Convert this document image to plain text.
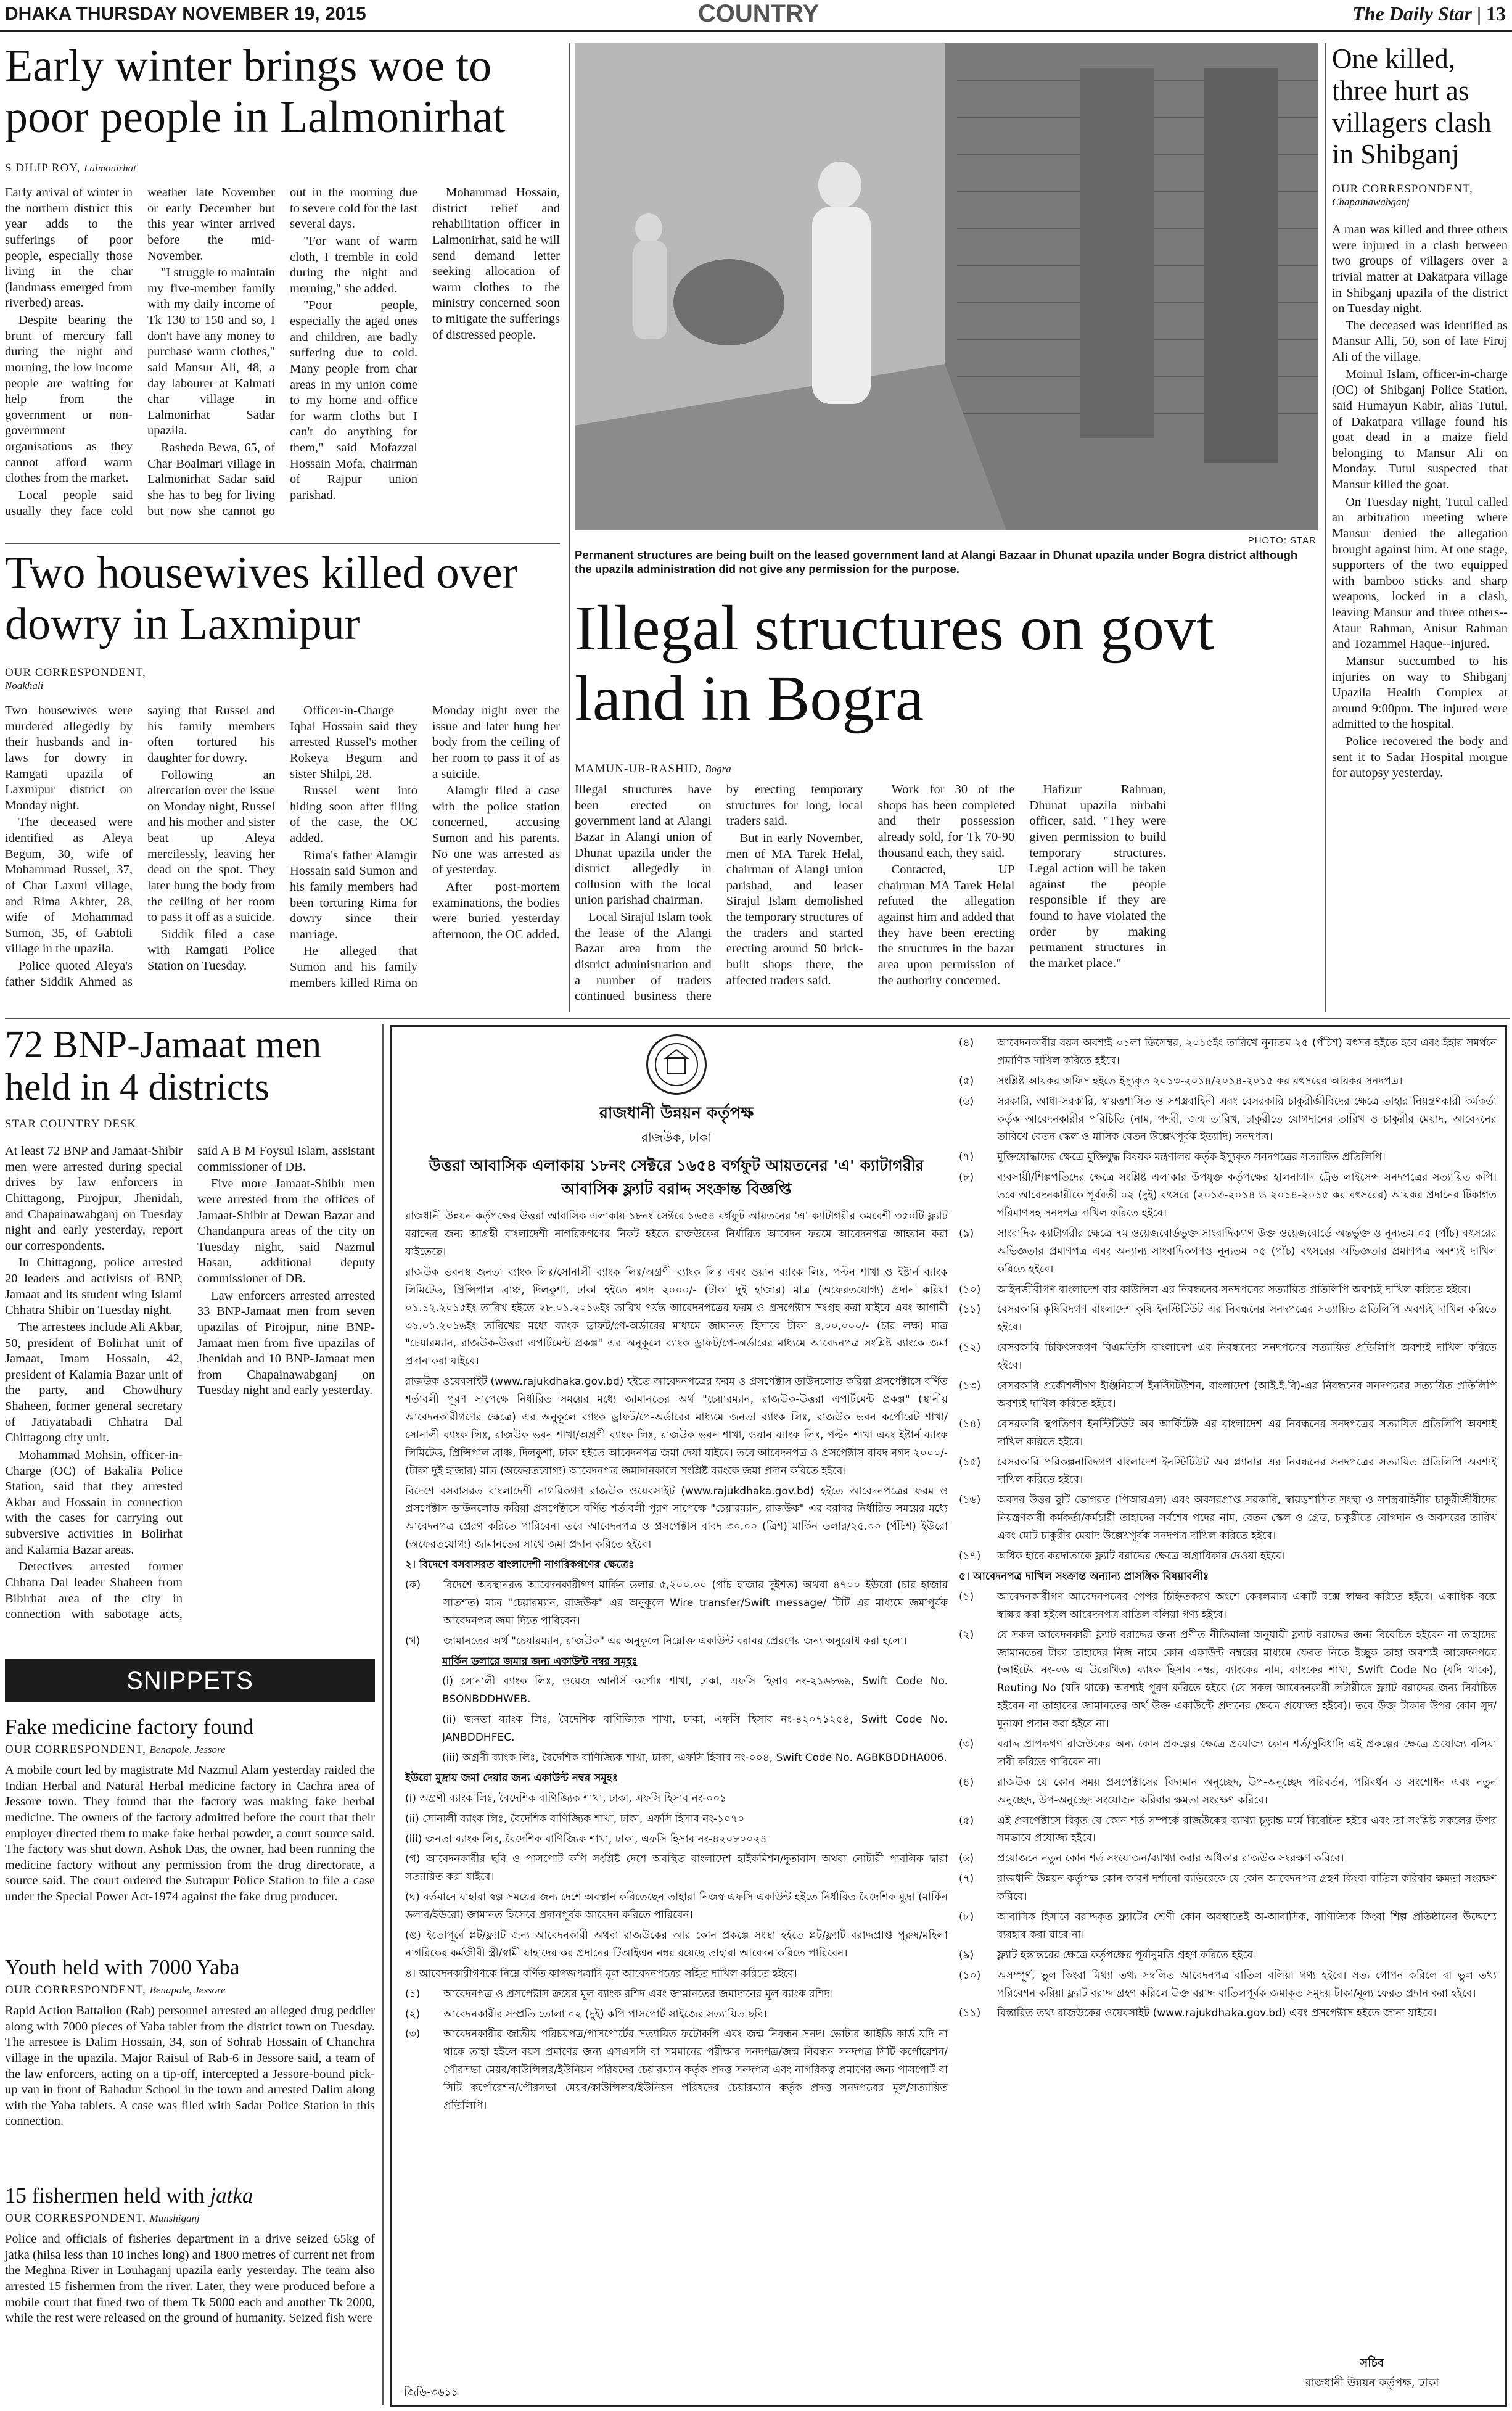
DHAKA THURSDAY NOVEMBER 19, 2015	COUNTRY	The Daily Star | 13
Early winter brings woe to poor people in Lalmonirhat
S DILIP ROY, Lalmonirhat

Early arrival of winter in the northern district this year adds to the sufferings of poor people, especially those living in the char (landmass emerged from riverbed) areas.

Despite bearing the brunt of mercury fall during the night and morning, the low income people are waiting for help from the government or non-government organisations as they cannot afford warm clothes from the market.

Local people said usually they face cold weather late November or early December but this year winter arrived before the mid-November.

"I struggle to maintain my five-member family with my daily income of Tk 130 to 150 and so, I don't have any money to purchase warm clothes," said Mansur Ali, 48, a day labourer at Kalmati char village in Lalmonirhat Sadar upazila.

Rasheda Bewa, 65, of Char Boalmari village in Lalmonirhat Sadar said she has to beg for living but now she cannot go out in the morning due to severe cold for the last several days.

"For want of warm cloth, I tremble in cold during the night and morning," she added.

"Poor people, especially the aged ones and children, are badly suffering due to cold. Many people from char areas in my union come to my home and office for warm cloths but I can't do anything for them," said Mofazzal Hossain Mofa, chairman of Rajpur union parishad.

Mohammad Hossain, district relief and rehabilitation officer in Lalmonirhat, said he will send demand letter seeking allocation of warm clothes to the ministry concerned soon to mitigate the sufferings of distressed people.

Two housewives killed over dowry in Laxmipur
OUR CORRESPONDENT,
Noakhali

Two housewives were murdered allegedly by their husbands and in-laws for dowry in Ramgati upazila of Laxmipur district on Monday night.

The deceased were identified as Aleya Begum, 30, wife of Mohammad Russel, 37, of Char Laxmi village, and Rima Akhter, 28, wife of Mohammad Sumon, 35, of Gabtoli village in the upazila.

Police quoted Aleya's father Siddik Ahmed as saying that Russel and his family members often tortured his daughter for dowry.

Following an altercation over the issue on Monday night, Russel and his mother and sister beat up Aleya mercilessly, leaving her dead on the spot. They later hung the body from the ceiling of her room to pass it off as a suicide.

Siddik filed a case with Ramgati Police Station on Tuesday.

Officer-in-Charge Iqbal Hossain said they arrested Russel's mother Rokeya Begum and sister Shilpi, 28.

Russel went into hiding soon after filing of the case, the OC added.

Rima's father Alamgir Hossain said Sumon and his family members had been torturing Rima for dowry since their marriage.

He alleged that Sumon and his family members killed Rima on Monday night over the issue and later hung her body from the ceiling of her room to pass it of as a suicide.

Alamgir filed a case with the police station concerned, accusing Sumon and his parents. No one was arrested as of yesterday.

After post-mortem examinations, the bodies were buried yesterday afternoon, the OC added.

PHOTO: STAR
Permanent structures are being built on the leased government land at Alangi Bazaar in Dhunat upazila under Bogra district although the upazila administration did not give any permission for the purpose.
Illegal structures on govt land in Bogra
MAMUN-UR-RASHID, Bogra

Illegal structures have been erected on government land at Alangi Bazar in Alangi union of Dhunat upazila under the district allegedly in collusion with the local union parishad chairman.

Local Sirajul Islam took the lease of the Alangi Bazar area from the district administration and a number of traders continued business there by erecting temporary structures for long, local traders said.

But in early November, men of MA Tarek Helal, chairman of Alangi union parishad, and leaser Sirajul Islam demolished the temporary structures of the traders and started erecting around 50 brick-built shops there, the affected traders said.

Work for 30 of the shops has been completed and their possession already sold, for Tk 70-90 thousand each, they said.

Contacted, UP chairman MA Tarek Helal refuted the allegation against him and added that they have been erecting the structures in the bazar area upon permission of the authority concerned.

Hafizur Rahman, Dhunat upazila nirbahi officer, said, "They were given permission to build temporary structures. Legal action will be taken against the people responsible if they are found to have violated the order by making permanent structures in the market place."

One killed, three hurt as villagers clash in Shibganj
OUR CORRESPONDENT,
Chapainawabganj

A man was killed and three others were injured in a clash between two groups of villagers over a trivial matter at Dakatpara village in Shibganj upazila of the district on Tuesday night.

The deceased was identified as Mansur Alli, 50, son of late Firoj Ali of the village.

Moinul Islam, officer-in-charge (OC) of Shibganj Police Station, said Humayun Kabir, alias Tutul, of Dakatpara village found his goat dead in a maize field belonging to Mansur Ali on Monday. Tutul suspected that Mansur killed the goat.

On Tuesday night, Tutul called an arbitration meeting where Mansur denied the allegation brought against him. At one stage, supporters of the two equipped with bamboo sticks and sharp weapons, locked in a clash, leaving Mansur and three others--Ataur Rahman, Anisur Rahman and Tozammel Haque--injured.

Mansur succumbed to his injuries on way to Shibganj Upazila Health Complex at around 9:00pm. The injured were admitted to the hospital.

Police recovered the body and sent it to Sadar Hospital morgue for autopsy yesterday.

72 BNP-Jamaat men held in 4 districts
STAR COUNTRY DESK

At least 72 BNP and Jamaat-Shibir men were arrested during special drives by law enforcers in Chittagong, Pirojpur, Jhenidah, and Chapainawabganj on Tuesday night and early yesterday, report our correspondents.

In Chittagong, police arrested 20 leaders and activists of BNP, Jamaat and its student wing Islami Chhatra Shibir on Tuesday night.

The arrestees include Ali Akbar, 50, president of Bolirhat unit of Jamaat, Imam Hossain, 42, president of Kalamia Bazar unit of the party, and Chowdhury Shaheen, former general secretary of Jatiyatabadi Chhatra Dal Chittagong city unit.

Mohammad Mohsin, officer-in-Charge (OC) of Bakalia Police Station, said that they arrested Akbar and Hossain in connection with the cases for carrying out subversive activities in Bolirhat and Kalamia Bazar areas.

Detectives arrested former Chhatra Dal leader Shaheen from Bibirhat area of the city in connection with sabotage acts, said A B M Foysul Islam, assistant commissioner of DB.

Five more Jamaat-Shibir men were arrested from the offices of Jamaat-Shibir at Dewan Bazar and Chandanpura areas of the city on Tuesday night, said Nazmul Hasan, additional deputy commissioner of DB.

Law enforcers arrested arrested 33 BNP-Jamaat men from seven upazilas of Pirojpur, nine BNP-Jamaat men from five upazilas of Jhenidah and 10 BNP-Jamaat men from Chapainawabganj on Tuesday night and early yesterday.

SNIPPETS
Fake medicine factory found
OUR CORRESPONDENT, Benapole, Jessore
A mobile court led by magistrate Md Nazmul Alam yesterday raided the Indian Herbal and Natural Herbal medicine factory in Cachra area of Jessore town. They found that the factory was making fake herbal medicine. The owners of the factory admitted before the court that their employer directed them to make fake herbal powder, a court source said. The factory was shut down. Ashok Das, the owner, had been running the medicine factory without any permission from the drug directorate, a source said. The court ordered the Sutrapur Police Station to file a case under the Special Power Act-1974 against the fake drug producer.
Youth held with 7000 Yaba
OUR CORRESPONDENT, Benapole, Jessore
Rapid Action Battalion (Rab) personnel arrested an alleged drug peddler along with 7000 pieces of Yaba tablet from the district town on Tuesday. The arrestee is Dalim Hossain, 34, son of Sohrab Hossain of Chanchra village in the upazila. Major Raisul of Rab-6 in Jessore said, a team of the law enforcers, acting on a tip-off, intercepted a Jessore-bound pick-up van in front of Bahadur School in the town and arrested Dalim along with the Yaba tablets. A case was filed with Sadar Police Station in this connection.
15 fishermen held with jatka
OUR CORRESPONDENT, Munshiganj
Police and officials of fisheries department in a drive seized 65kg of jatka (hilsa less than 10 inches long) and 1800 metres of current net from the Meghna River in Louhaganj upazila early yesterday. The team also arrested 15 fishermen from the river. Later, they were produced before a mobile court that fined two of them Tk 5000 each and another Tk 2000, while the rest were released on the ground of humanity. Seized fish were
রাজধানী উন্নয়ন কর্তৃপক্ষ
রাজউক, ঢাকা
উত্তরা আবাসিক এলাকায় ১৮নং সেক্টরে ১৬৫৪ বর্গফুট আয়তনের 'এ' ক্যাটাগরীর আবাসিক ফ্ল্যাট বরাদ্দ সংক্রান্ত বিজ্ঞপ্তি

রাজধানী উন্নয়ন কর্তৃপক্ষের উত্তরা আবাসিক এলাকায় ১৮নং সেক্টরে ১৬৫৪ বর্গফুট আয়তনের 'এ' ক্যাটাগরীর কমবেশী ৩৫০টি ফ্ল্যাট বরাদ্দের জন্য আগ্রহী বাংলাদেশী নাগরিকগণের নিকট হইতে রাজউকের নির্ধারিত আবেদন ফরমে আবেদনপত্র আহ্বান করা যাইতেছে।

রাজউক ভবনস্থ জনতা ব্যাংক লিঃ/সোনালী ব্যাংক লিঃ/অগ্রণী ব্যাংক লিঃ এবং ওয়ান ব্যাংক লিঃ, পল্টন শাখা ও ইষ্টার্ন ব্যাংক লিমিটেড, প্রিন্সিপাল ব্রাঞ্চ, দিলকুশা, ঢাকা হইতে নগদ ২০০০/- (টাকা দুই হাজার) মাত্র (অফেরতযোগ্য) প্রদান করিয়া ০১.১২.২০১৫ইং তারিখ হইতে ২৮.০১.২০১৬ইং তারিখ পর্যন্ত আবেদনপত্রের ফরম ও প্রসপেক্টাস সংগ্রহ করা যাইবে এবং আগামী ৩১.০১.২০১৬ইং তারিখের মধ্যে ব্যাংক ড্রাফট/পে-অর্ডারের মাধ্যমে জামানত হিসাবে টাকা ৪,০০,০০০/- (চার লক্ষ) মাত্র "চেয়ারম্যান, রাজউক-উত্তরা এপার্টমেন্ট প্রকল্প" এর অনুকূলে ব্যাংক ড্রাফট/পে-অর্ডারের মাধ্যমে আবেদনপত্র সংশ্লিষ্ট ব্যাংকে জমা প্রদান করা যাইবে।

রাজউক ওয়েবসাইট (www.rajukdhaka.gov.bd) হইতে আবেদনপত্রের ফরম ও প্রসপেক্টাস ডাউনলোড করিয়া প্রসপেক্টাসে বর্ণিত শর্তাবলী পূরণ সাপেক্ষে নির্ধারিত সময়ের মধ্যে জামানতের অর্থ "চেয়ারম্যান, রাজউক-উত্তরা এপার্টমেন্ট প্রকল্প" (স্থানীয় আবেদনকারীগণের ক্ষেত্রে) এর অনুকূলে ব্যাংক ড্রাফট/পে-অর্ডারের মাধ্যমে জনতা ব্যাংক লিঃ, রাজউক ভবন কর্পোরেট শাখা/সোনালী ব্যাংক লিঃ, রাজউক ভবন শাখা/অগ্রণী ব্যাংক লিঃ, রাজউক ভবন শাখা, ওয়ান ব্যাংক লিঃ, পল্টন শাখা এবং ইষ্টার্ন ব্যাংক লিমিটেড, প্রিন্সিপাল ব্রাঞ্চ, দিলকুশা, ঢাকা হইতে আবেদনপত্র জমা দেয়া যাইবে। তবে আবেদনপত্র ও প্রসপেক্টাস বাবদ নগদ ২০০০/- (টাকা দুই হাজার) মাত্র (অফেরতযোগ্য) আবেদনপত্র জমাদানকালে সংশ্লিষ্ট ব্যাংকে জমা প্রদান করিতে হইবে।

বিদেশে বসবাসরত বাংলাদেশী নাগরিকগণ রাজউক ওয়েবসাইট (www.rajukdhaka.gov.bd) হইতে আবেদনপত্রের ফরম ও প্রসপেক্টাস ডাউনলোড করিয়া প্রসপেক্টাসে বর্ণিত শর্তাবলী পূরণ সাপেক্ষে "চেয়ারম্যান, রাজউক" এর বরাবর নির্ধারিত সময়ের মধ্যে আবেদনপত্র প্রেরণ করিতে পারিবেন। তবে আবেদনপত্র ও প্রসপেক্টাস বাবদ ৩০.০০ (ত্রিশ) মার্কিন ডলার/২৫.০০ (পঁচিশ) ইউরো (অফেরতযোগ্য) জামানতের সাথে জমা প্রদান করিতে হইবে।

২। বিদেশে বসবাসরত বাংলাদেশী নাগরিকগণের ক্ষেত্রেঃ

(ক)	বিদেশে অবস্থানরত আবেদনকারীগণ মার্কিন ডলার ৫,২০০.০০ (পাঁচ হাজার দুইশত) অথবা ৪৭০০ ইউরো (চার হাজার সাতশত) মাত্র "চেয়ারম্যান, রাজউক" এর অনুকূলে Wire transfer/Swift message/ টিটি এর মাধ্যমে জমাপূর্বক আবেদনপত্র জমা দিতে পারিবেন।
(খ)	জামানতের অর্থ "চেয়ারম্যান, রাজউক" এর অনুকূলে নিম্নোক্ত একাউন্ট বরাবর প্রেরণের জন্য অনুরোধ করা হলো।

মার্কিন ডলারে জমার জন্য একাউন্ট নম্বর সমূহঃ

(i) সোনালী ব্যাংক লিঃ, ওয়েজ আর্নার্স কর্পোঃ শাখা, ঢাকা, এফসি হিসাব নং-২১৬৮৬৯, Swift Code No. BSONBDDHWEB.

(ii) জনতা ব্যাংক লিঃ, বৈদেশিক বাণিজ্যিক শাখা, ঢাকা, এফসি হিসাব নং-৪২০৭১২৫৪, Swift Code No. JANBDDHFEC.

(iii) অগ্রণী ব্যাংক লিঃ, বৈদেশিক বাণিজ্যিক শাখা, ঢাকা, এফসি হিসাব নং-০০৪, Swift Code No. AGBKBDDHA006.

ইউরো মুদ্রায় জমা দেয়ার জন্য একাউন্ট নম্বর সমূহঃ

(i) অগ্রণী ব্যাংক লিঃ, বৈদেশিক বাণিজ্যিক শাখা, ঢাকা, এফসি হিসাব নং-০০১

(ii) সোনালী ব্যাংক লিঃ, বৈদেশিক বাণিজ্যিক শাখা, ঢাকা, এফসি হিসাব নং-১০৭০

(iii) জনতা ব্যাংক লিঃ, বৈদেশিক বাণিজ্যিক শাখা, ঢাকা, এফসি হিসাব নং-৪২০৮০০২৪

(গ) আবেদনকারীর ছবি ও পাসপোর্ট কপি সংশ্লিষ্ট দেশে অবস্থিত বাংলাদেশ হাইকমিশন/দূতাবাস অথবা নোটারী পাবলিক দ্বারা সত্যায়িত করা যাইবে।

(ঘ) বর্তমানে যাহারা স্বল্প সময়ের জন্য দেশে অবস্থান করিতেছেন তাহারা নিজস্ব এফসি একাউন্ট হইতে নির্ধারিত বৈদেশিক মুদ্রা (মার্কিন ডলার/ইউরো) জামানত হিসেবে প্রদানপূর্বক আবেদন করিতে পারিবেন।

(ঙ) ইতোপূর্বে প্লট/ফ্ল্যাট জন্য আবেদনকারী অথবা রাজউকের আর কোন প্রকল্পে সংস্থা হইতে প্লট/ফ্ল্যাট বরাদ্দপ্রাপ্ত পুরুষ/মহিলা নাগরিকের কর্মজীবী স্ত্রী/স্বামী যাহাদের কর প্রদানের টিআইএন নম্বর রয়েছে তাহারা আবেদন করিতে পারিবেন।

৪। আবেদনকারীগণকে নিম্নে বর্ণিত কাগজপত্রাদি মূল আবেদনপত্রের সহিত দাখিল করিতে হইবে।

(১)	আবেদনপত্র ও প্রসপেক্টাস ক্রয়ের মূল ব্যাংক রশিদ এবং জামানতের জমাদানের মূল ব্যাংক রশিদ।
(২)	আবেদনকারীর সম্প্রতি তোলা ০২ (দুই) কপি পাসপোর্ট সাইজের সত্যায়িত ছবি।
(৩)	আবেদনকারীর জাতীয় পরিচয়পত্র/পাসপোর্টের সত্যায়িত ফটোকপি এবং জন্ম নিবন্ধন সনদ। ভোটার আইডি কার্ড যদি না থাকে তাহা হইলে বয়স প্রমাণের জন্য এসএসসি বা সমমানের পরীক্ষার সনদপত্র/জন্ম নিবন্ধন সনদপত্র সিটি কর্পোরেশন/পৌরসভা মেয়র/কাউন্সিলর/ইউনিয়ন পরিষদের চেয়ারম্যান কর্তৃক প্রদত্ত সনদপত্র এবং নাগরিকত্ব প্রমাণের জন্য পাসপোর্ট বা সিটি কর্পোরেশন/পৌরসভা মেয়র/কাউন্সিলর/ইউনিয়ন পরিষদের চেয়ারম্যান কর্তৃক প্রদত্ত সনদপত্রের মূল/সত্যায়িত প্রতিলিপি।
(৪)	আবেদনকারীর বয়স অবশ্যই ০১লা ডিসেম্বর, ২০১৫ইং তারিখে নূন্যতম ২৫ (পঁচিশ) বৎসর হইতে হবে এবং ইহার সমর্থনে প্রমাণিক দাখিল করিতে হইবে।
(৫)	সংশ্লিষ্ট আয়কর অফিস হইতে ইস্যুকৃত ২০১৩-২০১৪/২০১৪-২০১৫ কর বৎসরের আয়কর সনদপত্র।
(৬)	সরকারি, আধা-সরকারি, স্বায়ত্তশাসিত ও সশস্ত্রবাহিনী এবং বেসরকারি চাকুরীজীবিদের ক্ষেত্রে তাহার নিয়ন্ত্রণকারী কর্মকর্তা কর্তৃক আবেদনকারীর পরিচিতি (নাম, পদবী, জন্ম তারিখ, চাকুরীতে যোগদানের তারিখ ও চাকুরীর মেয়াদ, আবেদনের তারিখে বেতন স্কেল ও মাসিক বেতন উল্লেখপূর্বক ইত্যাদি) সনদপত্র।
(৭)	মুক্তিযোদ্ধাদের ক্ষেত্রে মুক্তিযুদ্ধ বিষয়ক মন্ত্রণালয় কর্তৃক ইস্যুকৃত সনদপত্রের সত্যায়িত প্রতিলিপি।
(৮)	ব্যবসায়ী/শিল্পপতিদের ক্ষেত্রে সংশ্লিষ্ট এলাকার উপযুক্ত কর্তৃপক্ষের হালনাগাদ ট্রেড লাইসেন্স সনদপত্রের সত্যায়িত কপি। তবে আবেদনকারীকে পূর্ববর্তী ০২ (দুই) বৎসরে (২০১৩-২০১৪ ও ২০১৪-২০১৫ কর বৎসরের) আয়কর প্রদানের টিকাগত পরিমাণসহ সনদপত্র দাখিল করিতে হইবে।
(৯)	সাংবাদিক ক্যাটাগরীর ক্ষেত্রে ৭ম ওয়েজবোর্ডভুক্ত সাংবাদিকগণ উক্ত ওয়েজবোর্ডে অন্তর্ভুক্ত ও নূন্যতম ০৫ (পাঁচ) বৎসরের অভিজ্ঞতার প্রমাণপত্র এবং অন্যান্য সাংবাদিকগণও নূন্যতম ০৫ (পাঁচ) বৎসরের অভিজ্ঞতার প্রমাণপত্র অবশ্যই দাখিল করিতে হইবে।
(১০)	আইনজীবীগণ বাংলাদেশ বার কাউন্সিল এর নিবন্ধনের সনদপত্রের সত্যায়িত প্রতিলিপি অবশ্যই দাখিল করিতে হইবে।
(১১)	বেসরকারি কৃষিবিদগণ বাংলাদেশ কৃষি ইনস্টিটিউট এর নিবন্ধনের সনদপত্রের সত্যায়িত প্রতিলিপি অবশ্যই দাখিল করিতে হইবে।
(১২)	বেসরকারি চিকিৎসকগণ বিএমডিসি বাংলাদেশ এর নিবন্ধনের সনদপত্রের সত্যায়িত প্রতিলিপি অবশ্যই দাখিল করিতে হইবে।
(১৩)	বেসরকারি প্রকৌশলীগণ ইঞ্জিনিয়ার্স ইনস্টিটিউশন, বাংলাদেশ (আই.ই.বি)-এর নিবন্ধনের সনদপত্রের সত্যায়িত প্রতিলিপি অবশ্যই দাখিল করিতে হইবে।
(১৪)	বেসরকারি স্থপতিগণ ইনস্টিটিউট অব আর্কিটেক্ট এর বাংলাদেশ এর নিবন্ধনের সনদপত্রের সত্যায়িত প্রতিলিপি অবশ্যই দাখিল করিতে হইবে।
(১৫)	বেসরকারি পরিকল্পনাবিদগণ বাংলাদেশ ইনস্টিটিউট অব প্ল্যানার এর নিবন্ধনের সনদপত্রের সত্যায়িত প্রতিলিপি অবশ্যই দাখিল করিতে হইবে।
(১৬)	অবসর উত্তর ছুটি ভোগরত (পিআরএল) এবং অবসরপ্রাপ্ত সরকারি, স্বায়ত্তশাসিত সংস্থা ও সশস্ত্রবাহিনীর চাকুরীজীবীদের নিয়ন্ত্রণকারী কর্মকর্তা/কর্মচারী তাহাদের সর্বশেষ পদের নাম, বেতন স্কেল ও গ্রেড, চাকুরীতে যোগদান ও অবসরের তারিখ এবং মোট চাকুরীর মেয়াদ উল্লেখপূর্বক সনদপত্র দাখিল করিতে হইবে।
(১৭)	অধিক হারে করদাতাকে ফ্ল্যাট বরাদ্দের ক্ষেত্রে অগ্রাধিকার দেওয়া হইবে।

৫। আবেদনপত্র দাখিল সংক্রান্ত অন্যান্য প্রাসঙ্গিক বিষয়াবলীঃ

(১)	আবেদনকারীগণ আবেদনপত্রের পেপর চিহ্নিতকরণ অংশে কেবলমাত্র একটি বক্সে স্বাক্ষর করিতে হইবে। একাধিক বক্সে স্বাক্ষর করা হইলে আবেদনপত্র বাতিল বলিয়া গণ্য হইবে।
(২)	যে সকল আবেদনকারী ফ্ল্যাট বরাদ্দের জন্য প্রণীত নীতিমালা অনুযায়ী ফ্ল্যাট বরাদ্দের জন্য বিবেচিত হইবেন না তাহাদের জামানতের টাকা তাহাদের নিজ নামে কোন একাউন্ট নম্বরের মাধ্যমে ফেরত নিতে ইচ্ছুক তাহা অবশ্যই আবেদনপত্রে (আইটেম নং-০৬ এ উল্লেখিত) ব্যাংক হিসাব নম্বর, ব্যাংকের নাম, ব্যাংকের শাখা, Swift Code No (যদি থাকে), Routing No (যদি থাকে) অবশ্যই পূরণ করিতে হইবে (যে সকল আবেদনকারী লটারীতে ফ্ল্যাট বরাদ্দের জন্য নির্বাচিত হইবেন না তাহাদের জামানতের অর্থ উক্ত একাউন্টে প্রদানের ক্ষেত্রে প্রযোজ্য হইবে)। তবে উক্ত টাকার উপর কোন সুদ/মুনাফা প্রদান করা হইবে না।
(৩)	বরাদ্দ প্রাপকগণ রাজউকের অন্য কোন প্রকল্পের ক্ষেত্রে প্রযোজ্য কোন শর্ত/সুবিধাদি এই প্রকল্পের ক্ষেত্রে প্রযোজ্য বলিয়া দাবী করিতে পারিবেন না।
(৪)	রাজউক যে কোন সময় প্রসপেক্টাসের বিদ্যমান অনুচ্ছেদ, উপ-অনুচ্ছেদ পরিবর্তন, পরিবর্ধন ও সংশোধন এবং নতুন অনুচ্ছেদ, উপ-অনুচ্ছেদ সংযোজন করিবার ক্ষমতা সংরক্ষণ করিবে।
(৫)	এই প্রসপেক্টাসে বিবৃত যে কোন শর্ত সম্পর্কে রাজউকের ব্যাখ্যা চূড়ান্ত মর্মে বিবেচিত হইবে এবং তা সংশ্লিষ্ট সকলের উপর সমভাবে প্রযোজ্য হইবে।
(৬)	প্রয়োজনে নতুন কোন শর্ত সংযোজন/ব্যাখ্যা করার অধিকার রাজউক সংরক্ষণ করিবে।
(৭)	রাজধানী উন্নয়ন কর্তৃপক্ষ কোন কারণ দর্শানো ব্যতিরেকে যে কোন আবেদনপত্র গ্রহণ কিংবা বাতিল করিবার ক্ষমতা সংরক্ষণ করিবে।
(৮)	আবাসিক হিসাবে বরাদ্দকৃত ফ্ল্যাটের শ্রেণী কোন অবস্থাতেই অ-আবাসিক, বাণিজ্যিক কিংবা শিল্প প্রতিষ্ঠানের উদ্দেশ্যে ব্যবহার করা যাবে না।
(৯)	ফ্ল্যাট হস্তান্তরের ক্ষেত্রে কর্তৃপক্ষের পূর্বানুমতি গ্রহণ করিতে হইবে।
(১০)	অসম্পূর্ণ, ভুল কিংবা মিথ্যা তথ্য সম্বলিত আবেদনপত্র বাতিল বলিয়া গণ্য হইবে। সত্য গোপন করিলে বা ভুল তথ্য পরিবেশন করিয়া ফ্ল্যাট বরাদ্দ গ্রহণ করিলে উক্ত বরাদ্দ বাতিলপূর্বক জমাকৃত সমুদয় টাকা/মূল্য ফেরত প্রদান করা হইবে।
(১১)	বিস্তারিত তথ্য রাজউকের ওয়েবসাইট (www.rajukdhaka.gov.bd) এবং প্রসপেক্টাস হইতে জানা যাইবে।
জিডি-৩৬১১
সচিব
রাজধানী উন্নয়ন কর্তৃপক্ষ, ঢাকা
